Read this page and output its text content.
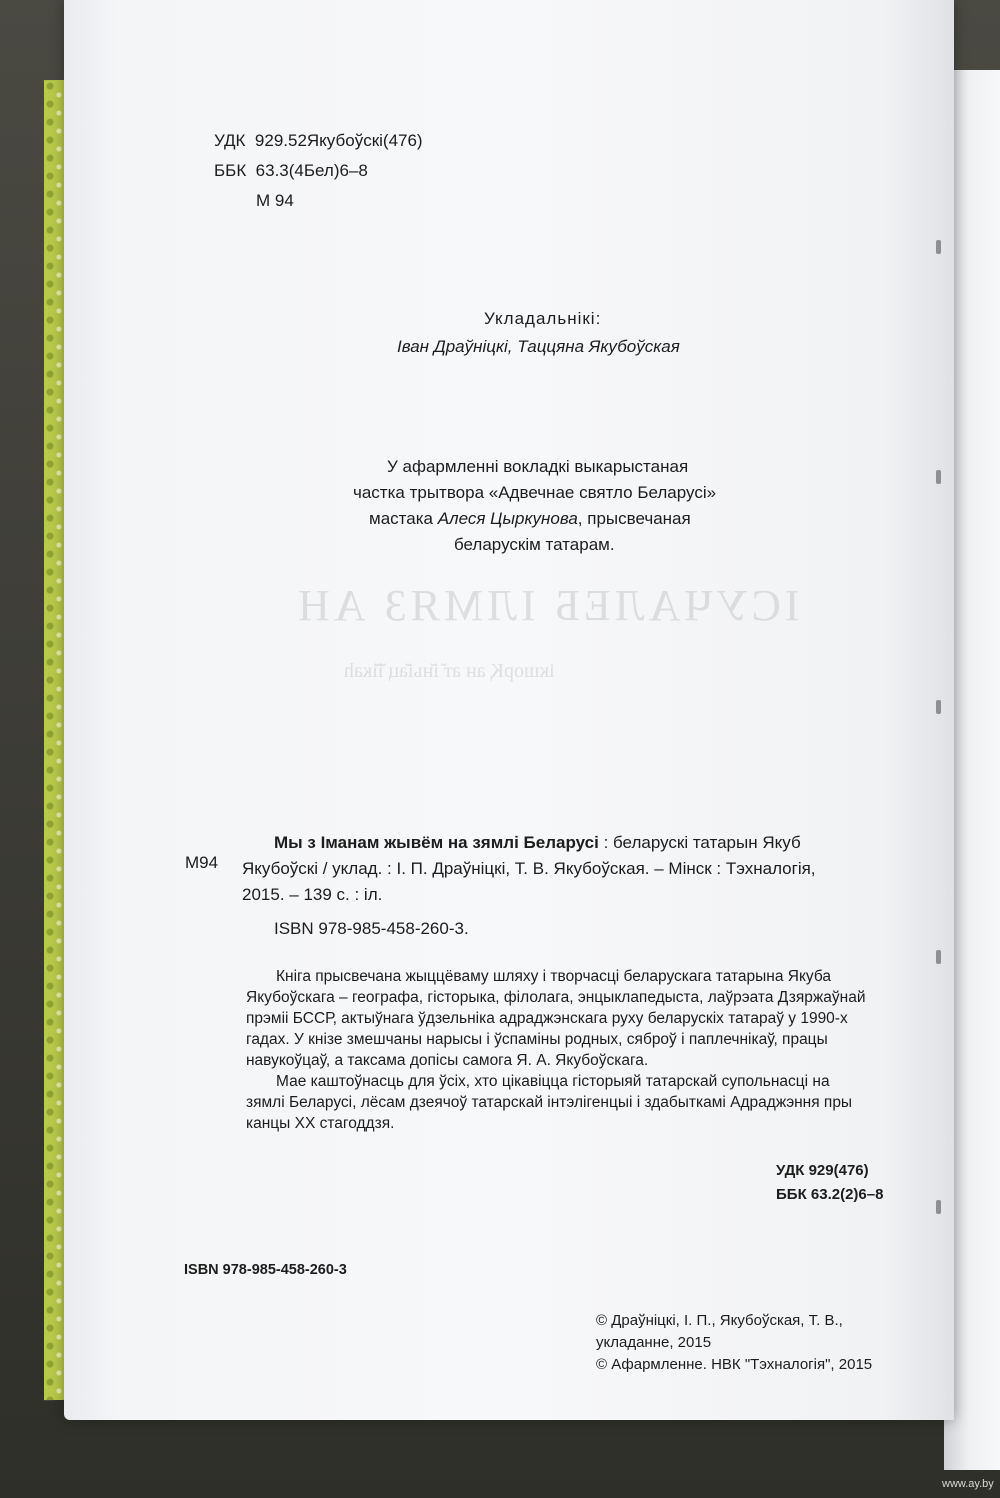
ІСУЧАЛЕБ ІЛМЯЗ АН
ікшорҚ ан ат̆ і̆ньі̆ац ̆і̆ікаһ
УДК 929.52Якубоўскі(476)
ББК 63.3(4Бел)6–8
М 94
Укладальнікі:
Іван Драўніцкі, Таццяна Якубоўская
У афармленні вокладкі выкарыстаная
частка трытвора «Адвечнае святло Беларусі»
мастака Алеся Цыркунова, прысвечаная
беларускім татарам.
М94
Мы з Іманам жывём на зямлі Беларусі : беларускі татарын Якуб
Якубоўскі / уклад. : І. П. Драўніцкі, Т. В. Якубоўская. – Мінск : Тэхналогія,
2015. – 139 с. : іл.
ISBN 978-985-458-260-3.
Кніга прысвечана жыццёваму шляху і творчасці беларускага татарына Якуба
Якубоўскага – географа, гісторыка, філолага, энцыклапедыста, лаўрэата Дзяржаўнай
прэміі БССР, актыўнага ўдзельніка адраджэнскага руху беларускіх татараў у 1990-х
гадах. У кнізе змешчаны нарысы і ўспаміны родных, сяброў і паплечнікаў, працы
навукоўцаў, а таксама допісы самога Я. А. Якубоўскага.
Мае каштоўнасць для ўсіх, хто цікавіцца гісторыяй татарскай супольнасці на
зямлі Беларусі, лёсам дзеячоў татарскай інтэлігенцыі і здабыткамі Адраджэння пры
канцы XX стагоддзя.
УДК 929(476)
ББК 63.2(2)6–8
ISBN 978-985-458-260-3
© Драўніцкі, І. П., Якубоўская, Т. В.,
укладанне, 2015
© Афармленне. НВК "Тэхналогія", 2015
www.ay.by
